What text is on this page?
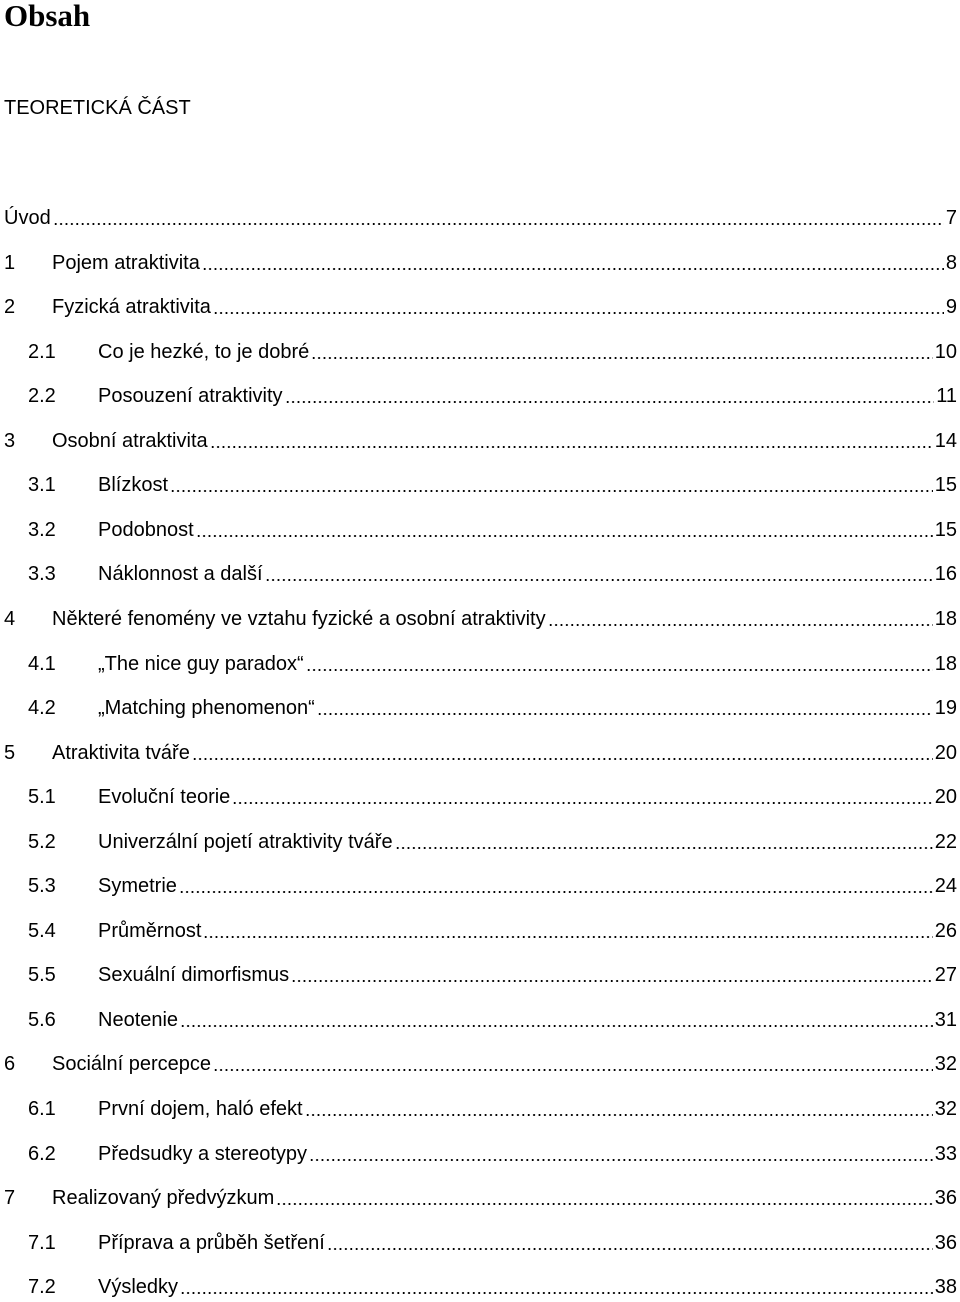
Obsah
TEORETICKÁ ČÁST
Úvod	7
1	Pojem atraktivita	8
2	Fyzická atraktivita	9
2.1	Co je hezké, to je dobré	10
2.2	Posouzení atraktivity	11
3	Osobní atraktivita	14
3.1	Blízkost	15
3.2	Podobnost	15
3.3	Náklonnost a další	16
4	Některé fenomény ve vztahu fyzické a osobní atraktivity	18
4.1	„The nice guy paradox“	18
4.2	„Matching phenomenon“	19
5	Atraktivita tváře	20
5.1	Evoluční teorie	20
5.2	Univerzální pojetí atraktivity tváře	22
5.3	Symetrie	24
5.4	Průměrnost	26
5.5	Sexuální dimorfismus	27
5.6	Neotenie	31
6	Sociální percepce	32
6.1	První dojem, haló efekt	32
6.2	Předsudky a stereotypy	33
7	Realizovaný předvýzkum	36
7.1	Příprava a průběh šetření	36
7.2	Výsledky	38
